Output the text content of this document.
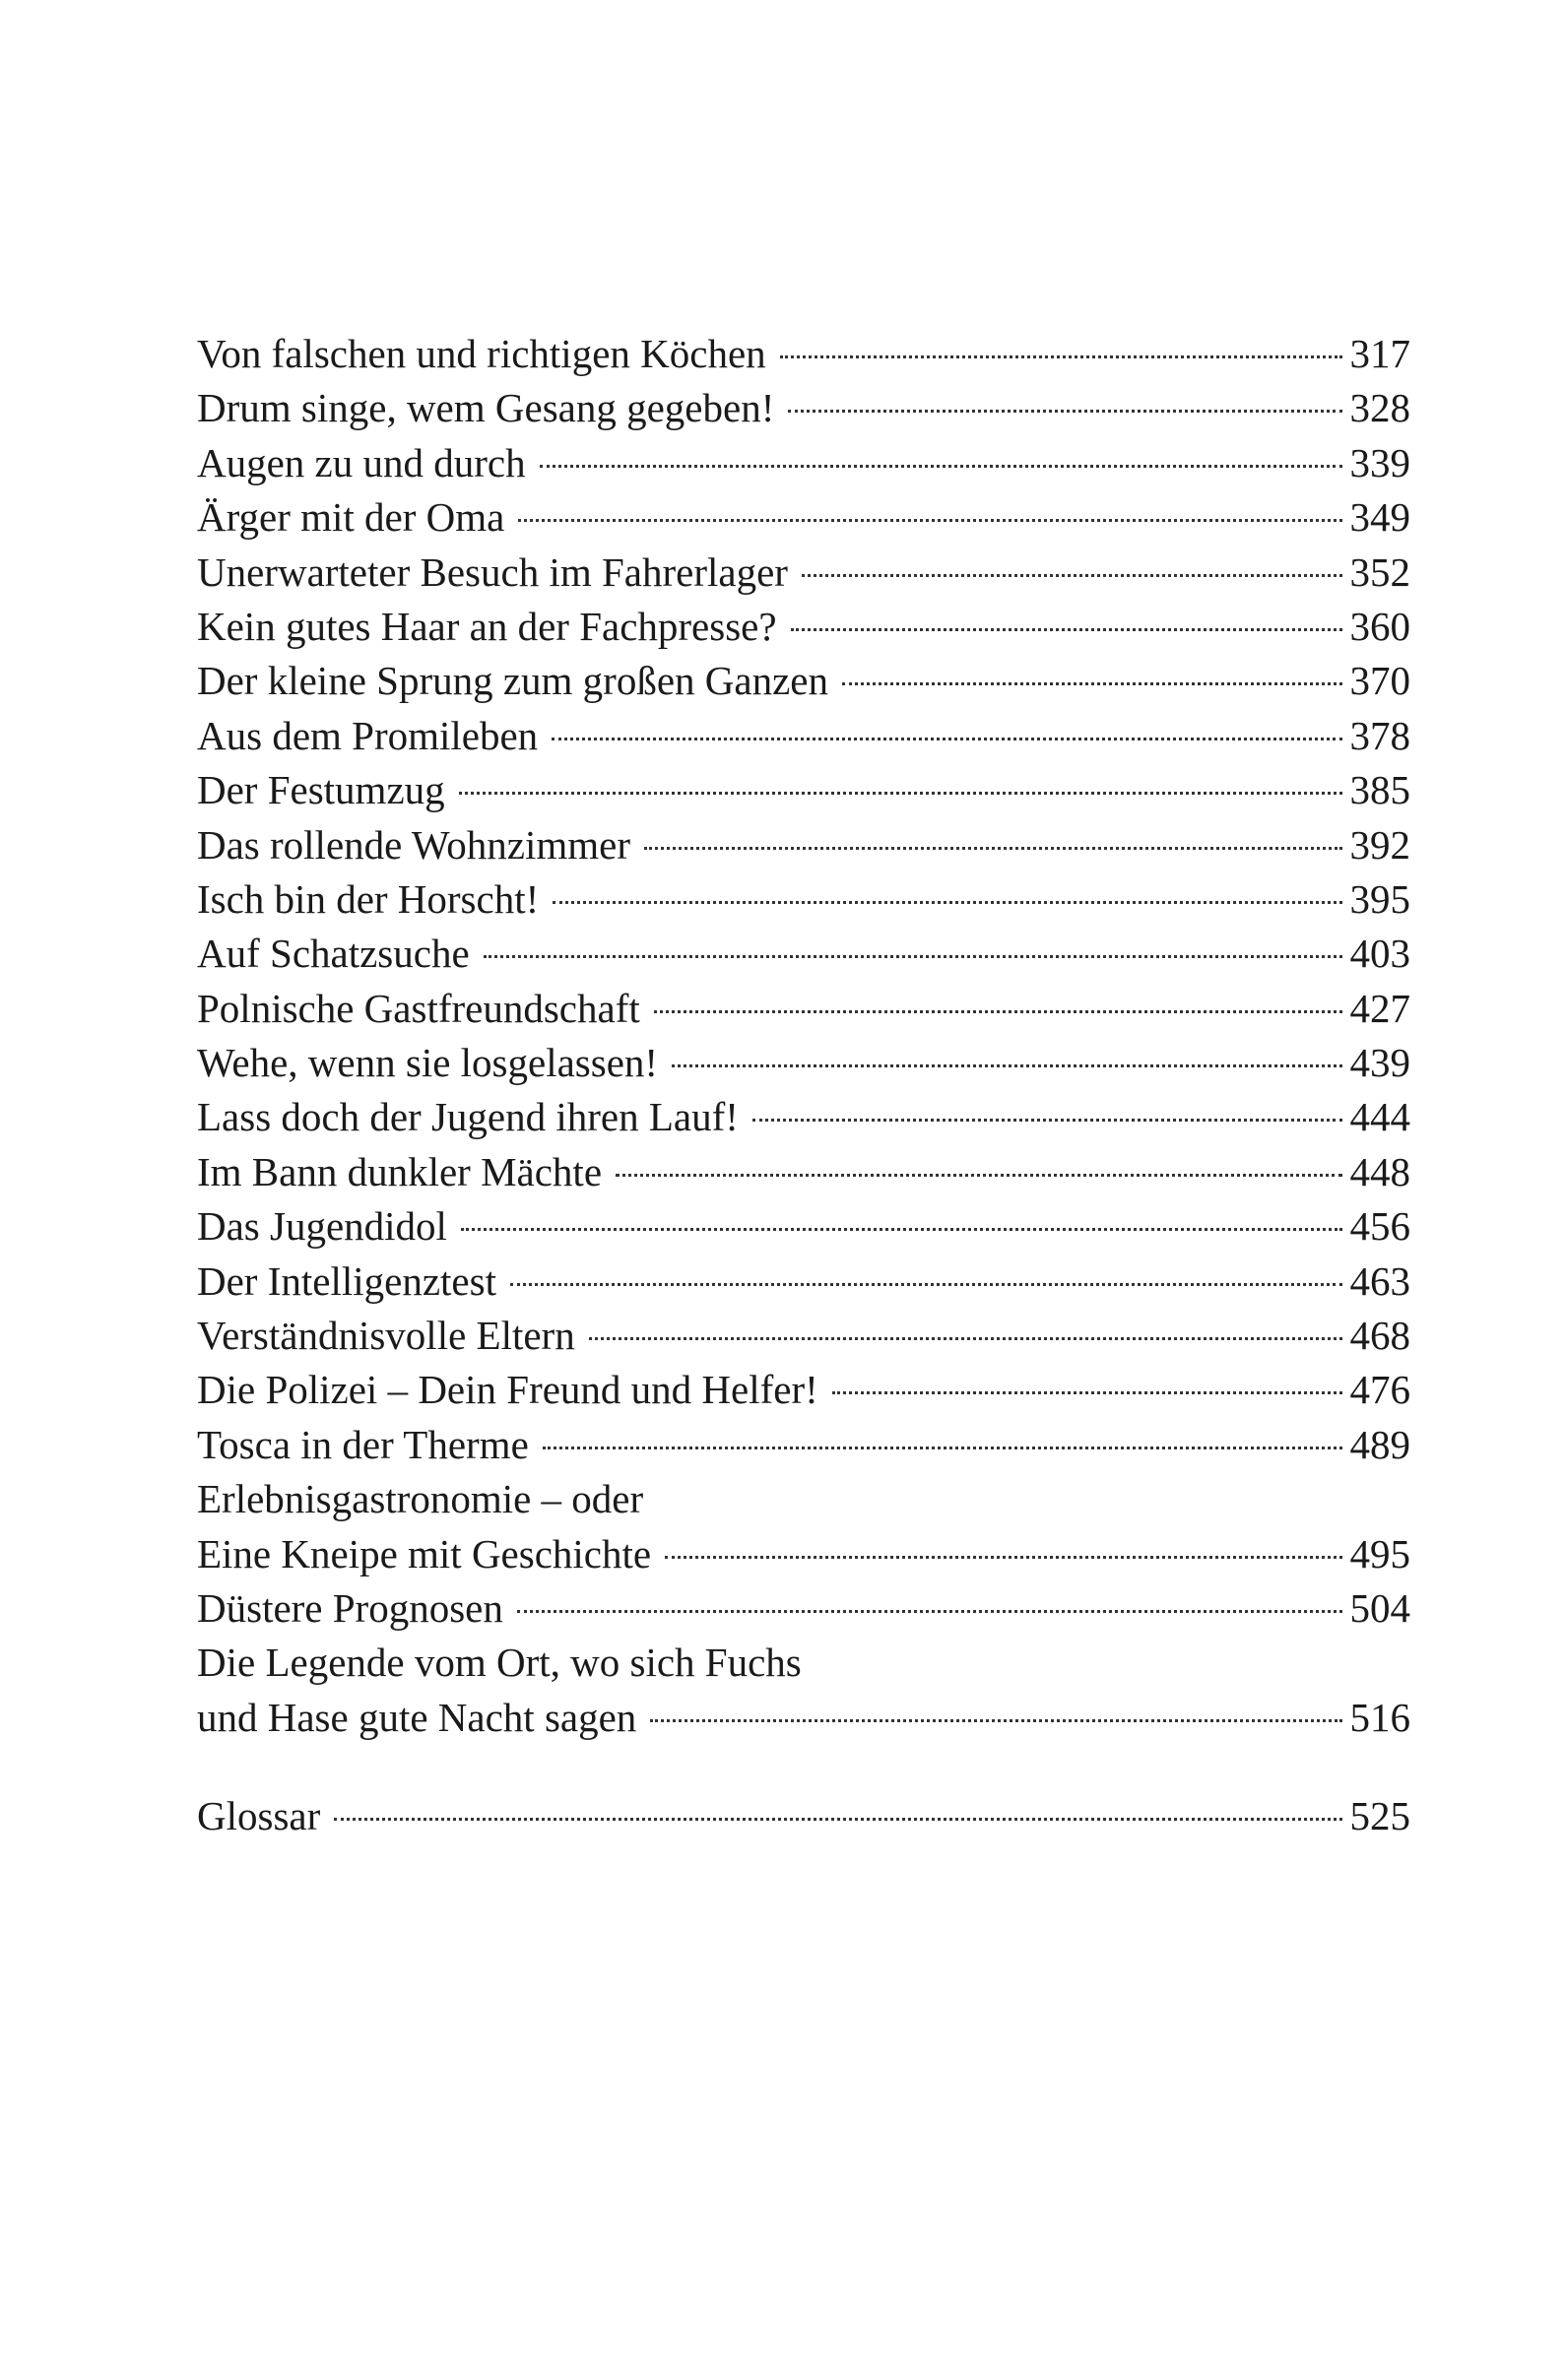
Von falschen und richtigen Köchen	317
Drum singe, wem Gesang gegeben!	328
Augen zu und durch	339
Ärger mit der Oma	349
Unerwarteter Besuch im Fahrerlager	352
Kein gutes Haar an der Fachpresse?	360
Der kleine Sprung zum großen Ganzen	370
Aus dem Promileben	378
Der Festumzug	385
Das rollende Wohnzimmer	392
Isch bin der Horscht!	395
Auf Schatzsuche	403
Polnische Gastfreundschaft	427
Wehe, wenn sie losgelassen!	439
Lass doch der Jugend ihren Lauf!	444
Im Bann dunkler Mächte	448
Das Jugendidol	456
Der Intelligenztest	463
Verständnisvolle Eltern	468
Die Polizei – Dein Freund und Helfer!	476
Tosca in der Therme	489
Erlebnisgastronomie – oder
Eine Kneipe mit Geschichte	495
Düstere Prognosen	504
Die Legende vom Ort, wo sich Fuchs
und Hase gute Nacht sagen	516
Glossar	525
